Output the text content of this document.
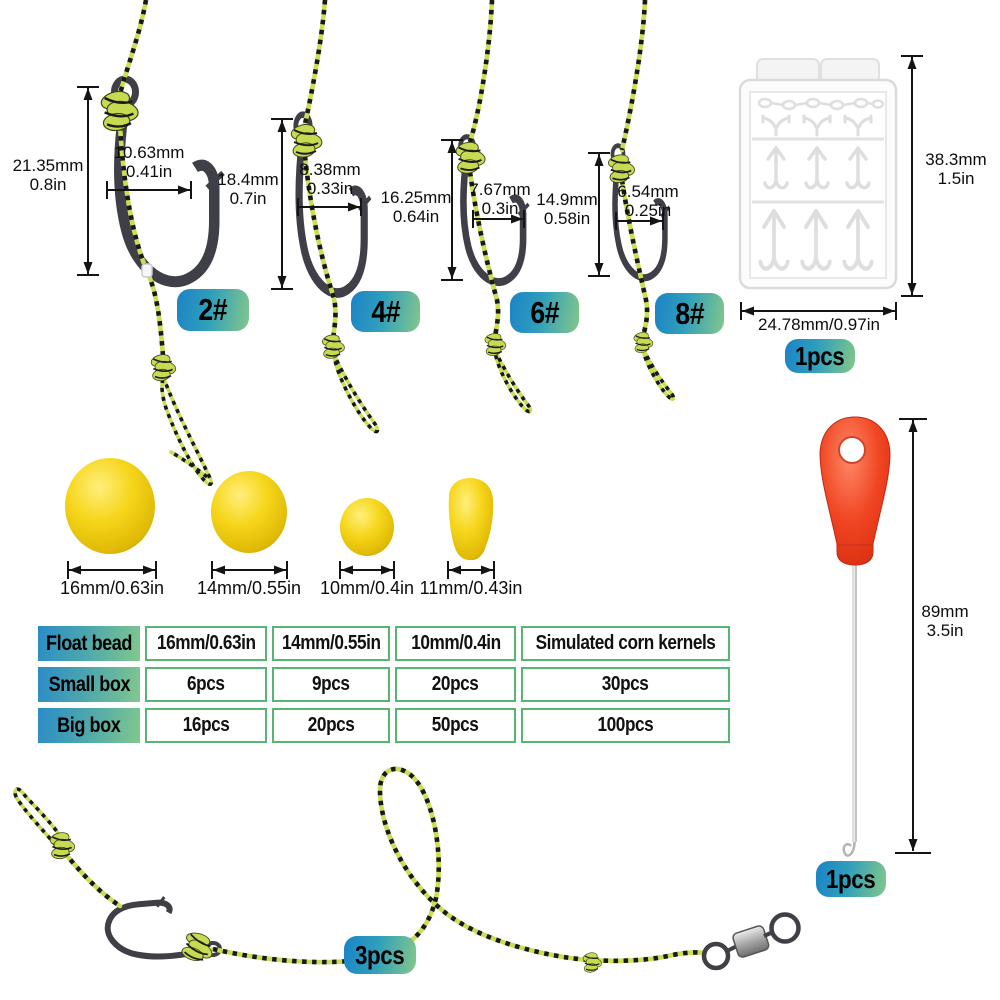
21.35mm
0.8in
10.63mm
0.41in	18.4mm
0.7in
8.38mm
0.33in	16.25mm
0.64in
7.67mm
0.3in	14.9mm
0.58in
6.54mm
0.25in
38.3mm
1.5in
24.78mm/0.97in
89mm
3.5in
16mm/0.63in 14mm/0.55in 10mm/0.4in 11mm/0.43in
2#	4#	6#	8#
1pcs
1pcs
3pcs
Float bead 16mm/0.63in 14mm/0.55in 10mm/0.4in Simulated corn kernels
Small box	6pcs	9pcs	20pcs	30pcs
Big box	16pcs	20pcs	50pcs	100pcs
